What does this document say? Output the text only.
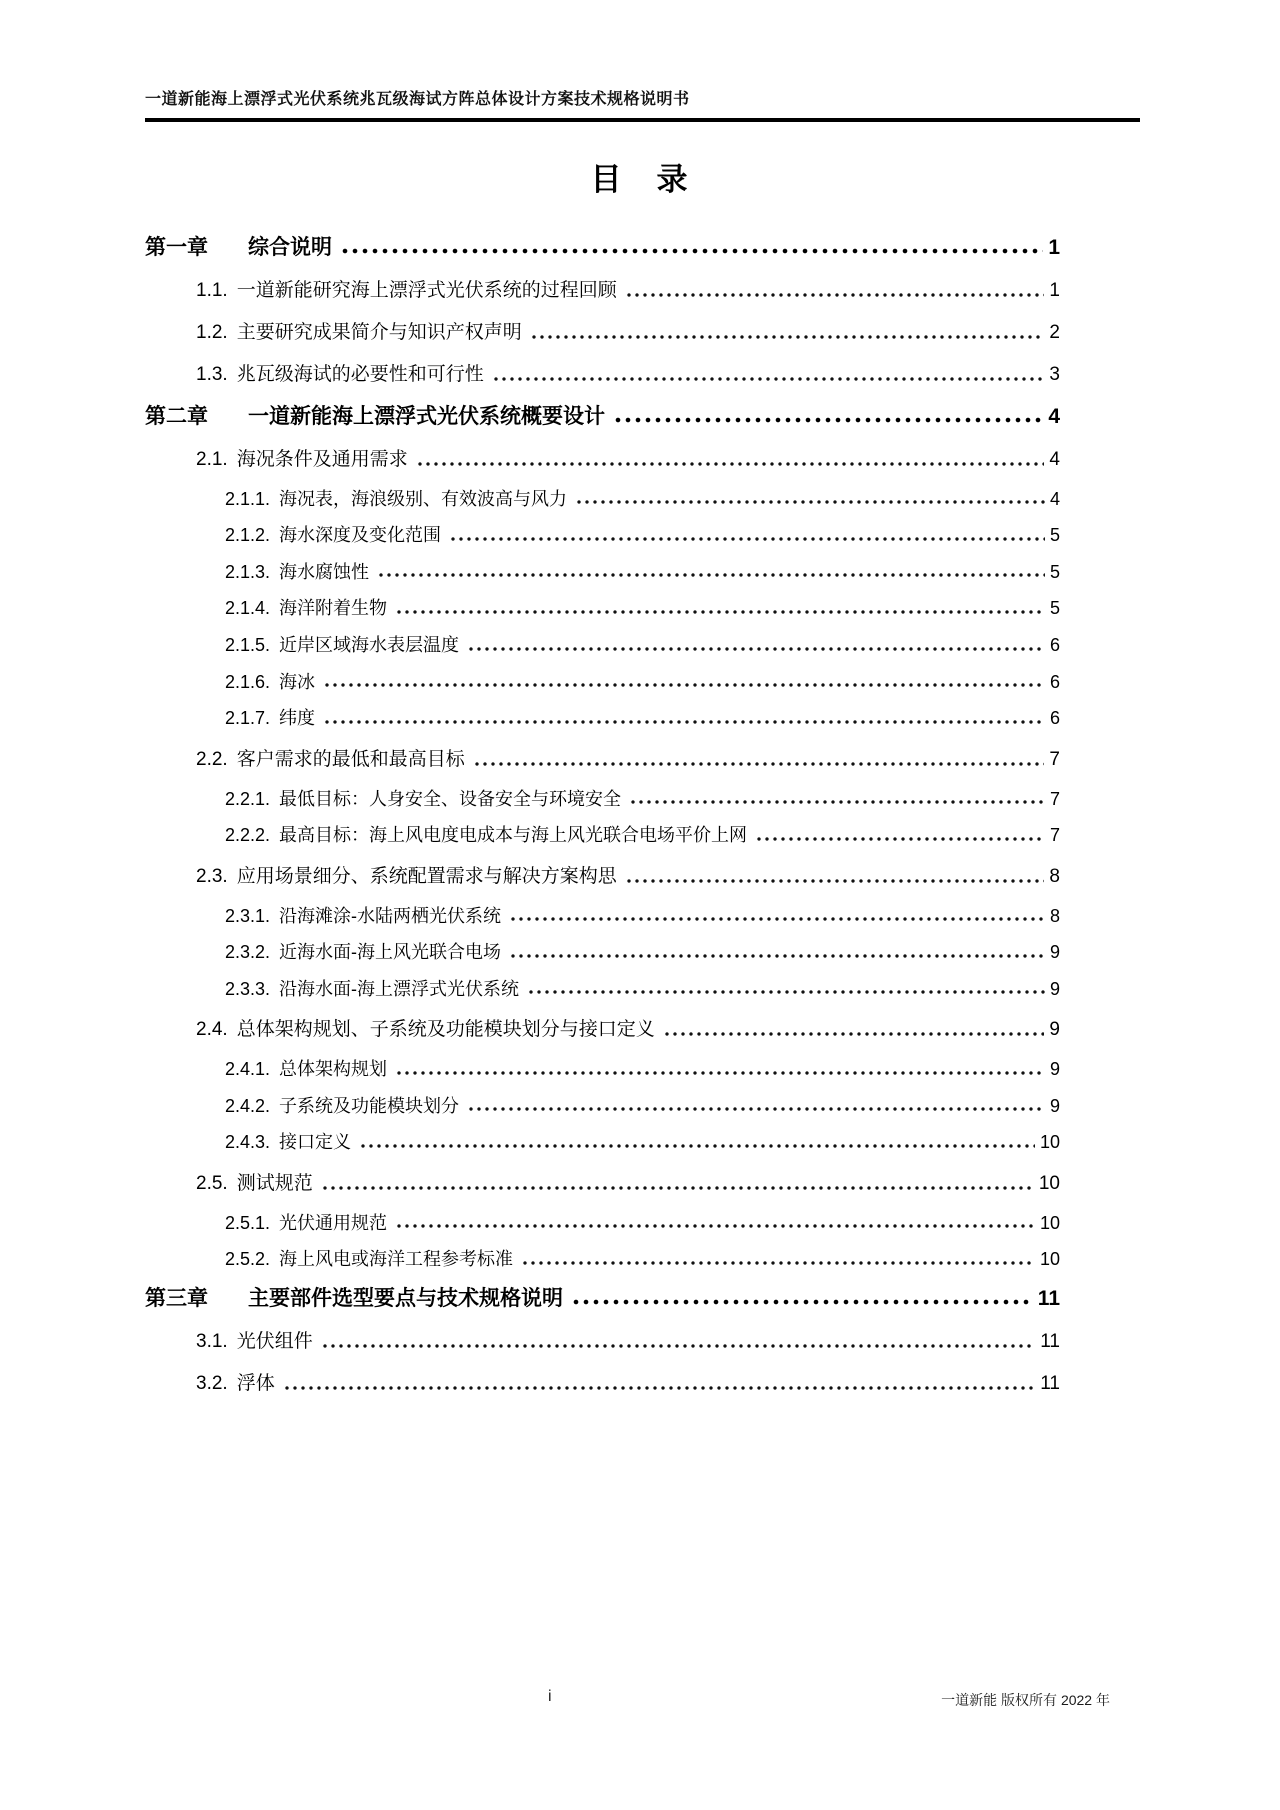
一道新能海上漂浮式光伏系统兆瓦级海试方阵总体设计方案技术规格说明书
目　录
第一章 综合说明	1
1.1. 一道新能研究海上漂浮式光伏系统的过程回顾	1
1.2. 主要研究成果简介与知识产权声明	2
1.3. 兆瓦级海试的必要性和可行性	3
第二章 一道新能海上漂浮式光伏系统概要设计	4
2.1. 海况条件及通用需求	4
2.1.1. 海况表，海浪级别、有效波高与风力	4
2.1.2. 海水深度及变化范围	5
2.1.3. 海水腐蚀性	5
2.1.4. 海洋附着生物	5
2.1.5. 近岸区域海水表层温度	6
2.1.6. 海冰	6
2.1.7. 纬度	6
2.2. 客户需求的最低和最高目标	7
2.2.1. 最低目标：人身安全、设备安全与环境安全	7
2.2.2. 最高目标：海上风电度电成本与海上风光联合电场平价上网	7
2.3. 应用场景细分、系统配置需求与解决方案构思	8
2.3.1. 沿海滩涂-水陆两栖光伏系统	8
2.3.2. 近海水面-海上风光联合电场	9
2.3.3. 沿海水面-海上漂浮式光伏系统	9
2.4. 总体架构规划、子系统及功能模块划分与接口定义	9
2.4.1. 总体架构规划	9
2.4.2. 子系统及功能模块划分	9
2.4.3. 接口定义	10
2.5. 测试规范	10
2.5.1. 光伏通用规范	10
2.5.2. 海上风电或海洋工程参考标准	10
第三章 主要部件选型要点与技术规格说明	11
3.1. 光伏组件	11
3.2. 浮体	11
i	一道新能 版权所有 2022 年
